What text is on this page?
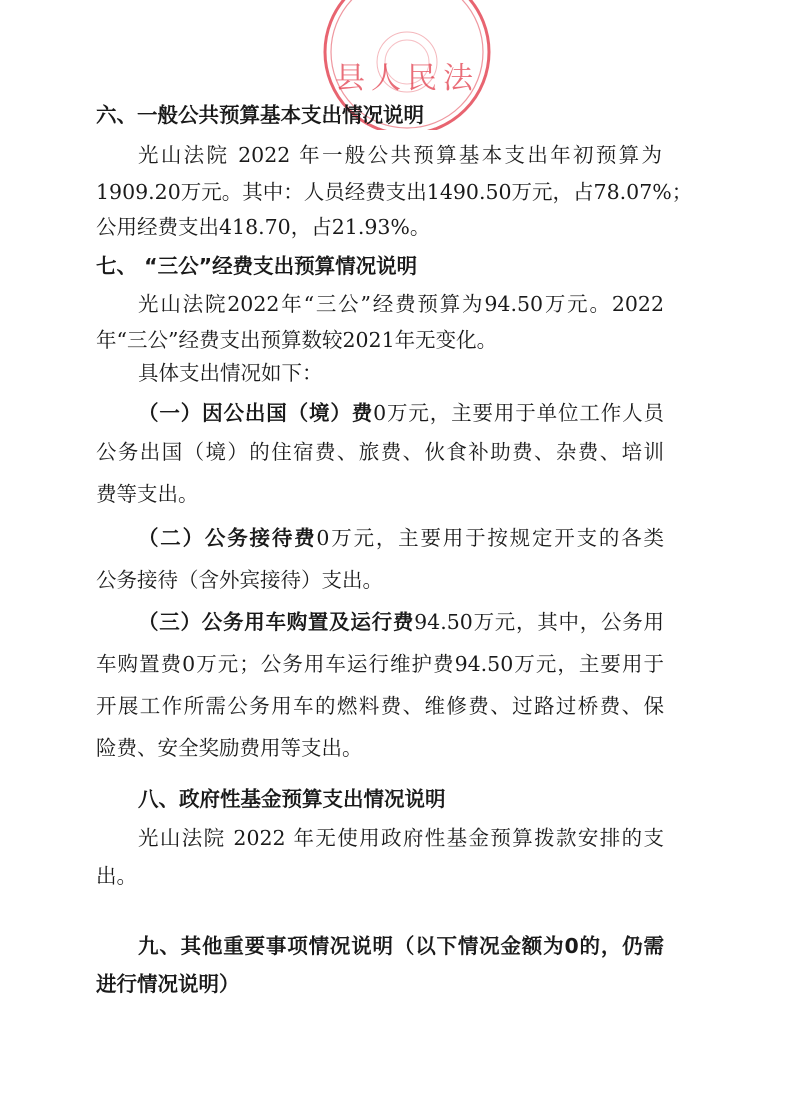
县人民法
六、一般公共预算基本支出情况说明
光山法院 2022 年一般公共预算基本支出年初预算为
1909.20万元。其中：人员经费支出1490.50万元，占78.07%；
公用经费支出418.70，占21.93%。
七、 “三公”经费支出预算情况说明
光山法院2022年“三公”经费预算为94.50万元。2022
年“三公”经费支出预算数较2021年无变化。
具体支出情况如下：
（一）因公出国（境）费0万元，主要用于单位工作人员
公务出国（境）的住宿费、旅费、伙食补助费、杂费、培训
费等支出。
（二）公务接待费0万元，主要用于按规定开支的各类
公务接待（含外宾接待）支出。
（三）公务用车购置及运行费94.50万元，其中，公务用
车购置费0万元；公务用车运行维护费94.50万元，主要用于
开展工作所需公务用车的燃料费、维修费、过路过桥费、保
险费、安全奖励费用等支出。
八、政府性基金预算支出情况说明
光山法院 2022 年无使用政府性基金预算拨款安排的支
出。
九、其他重要事项情况说明（以下情况金额为0的，仍需
进行情况说明）
